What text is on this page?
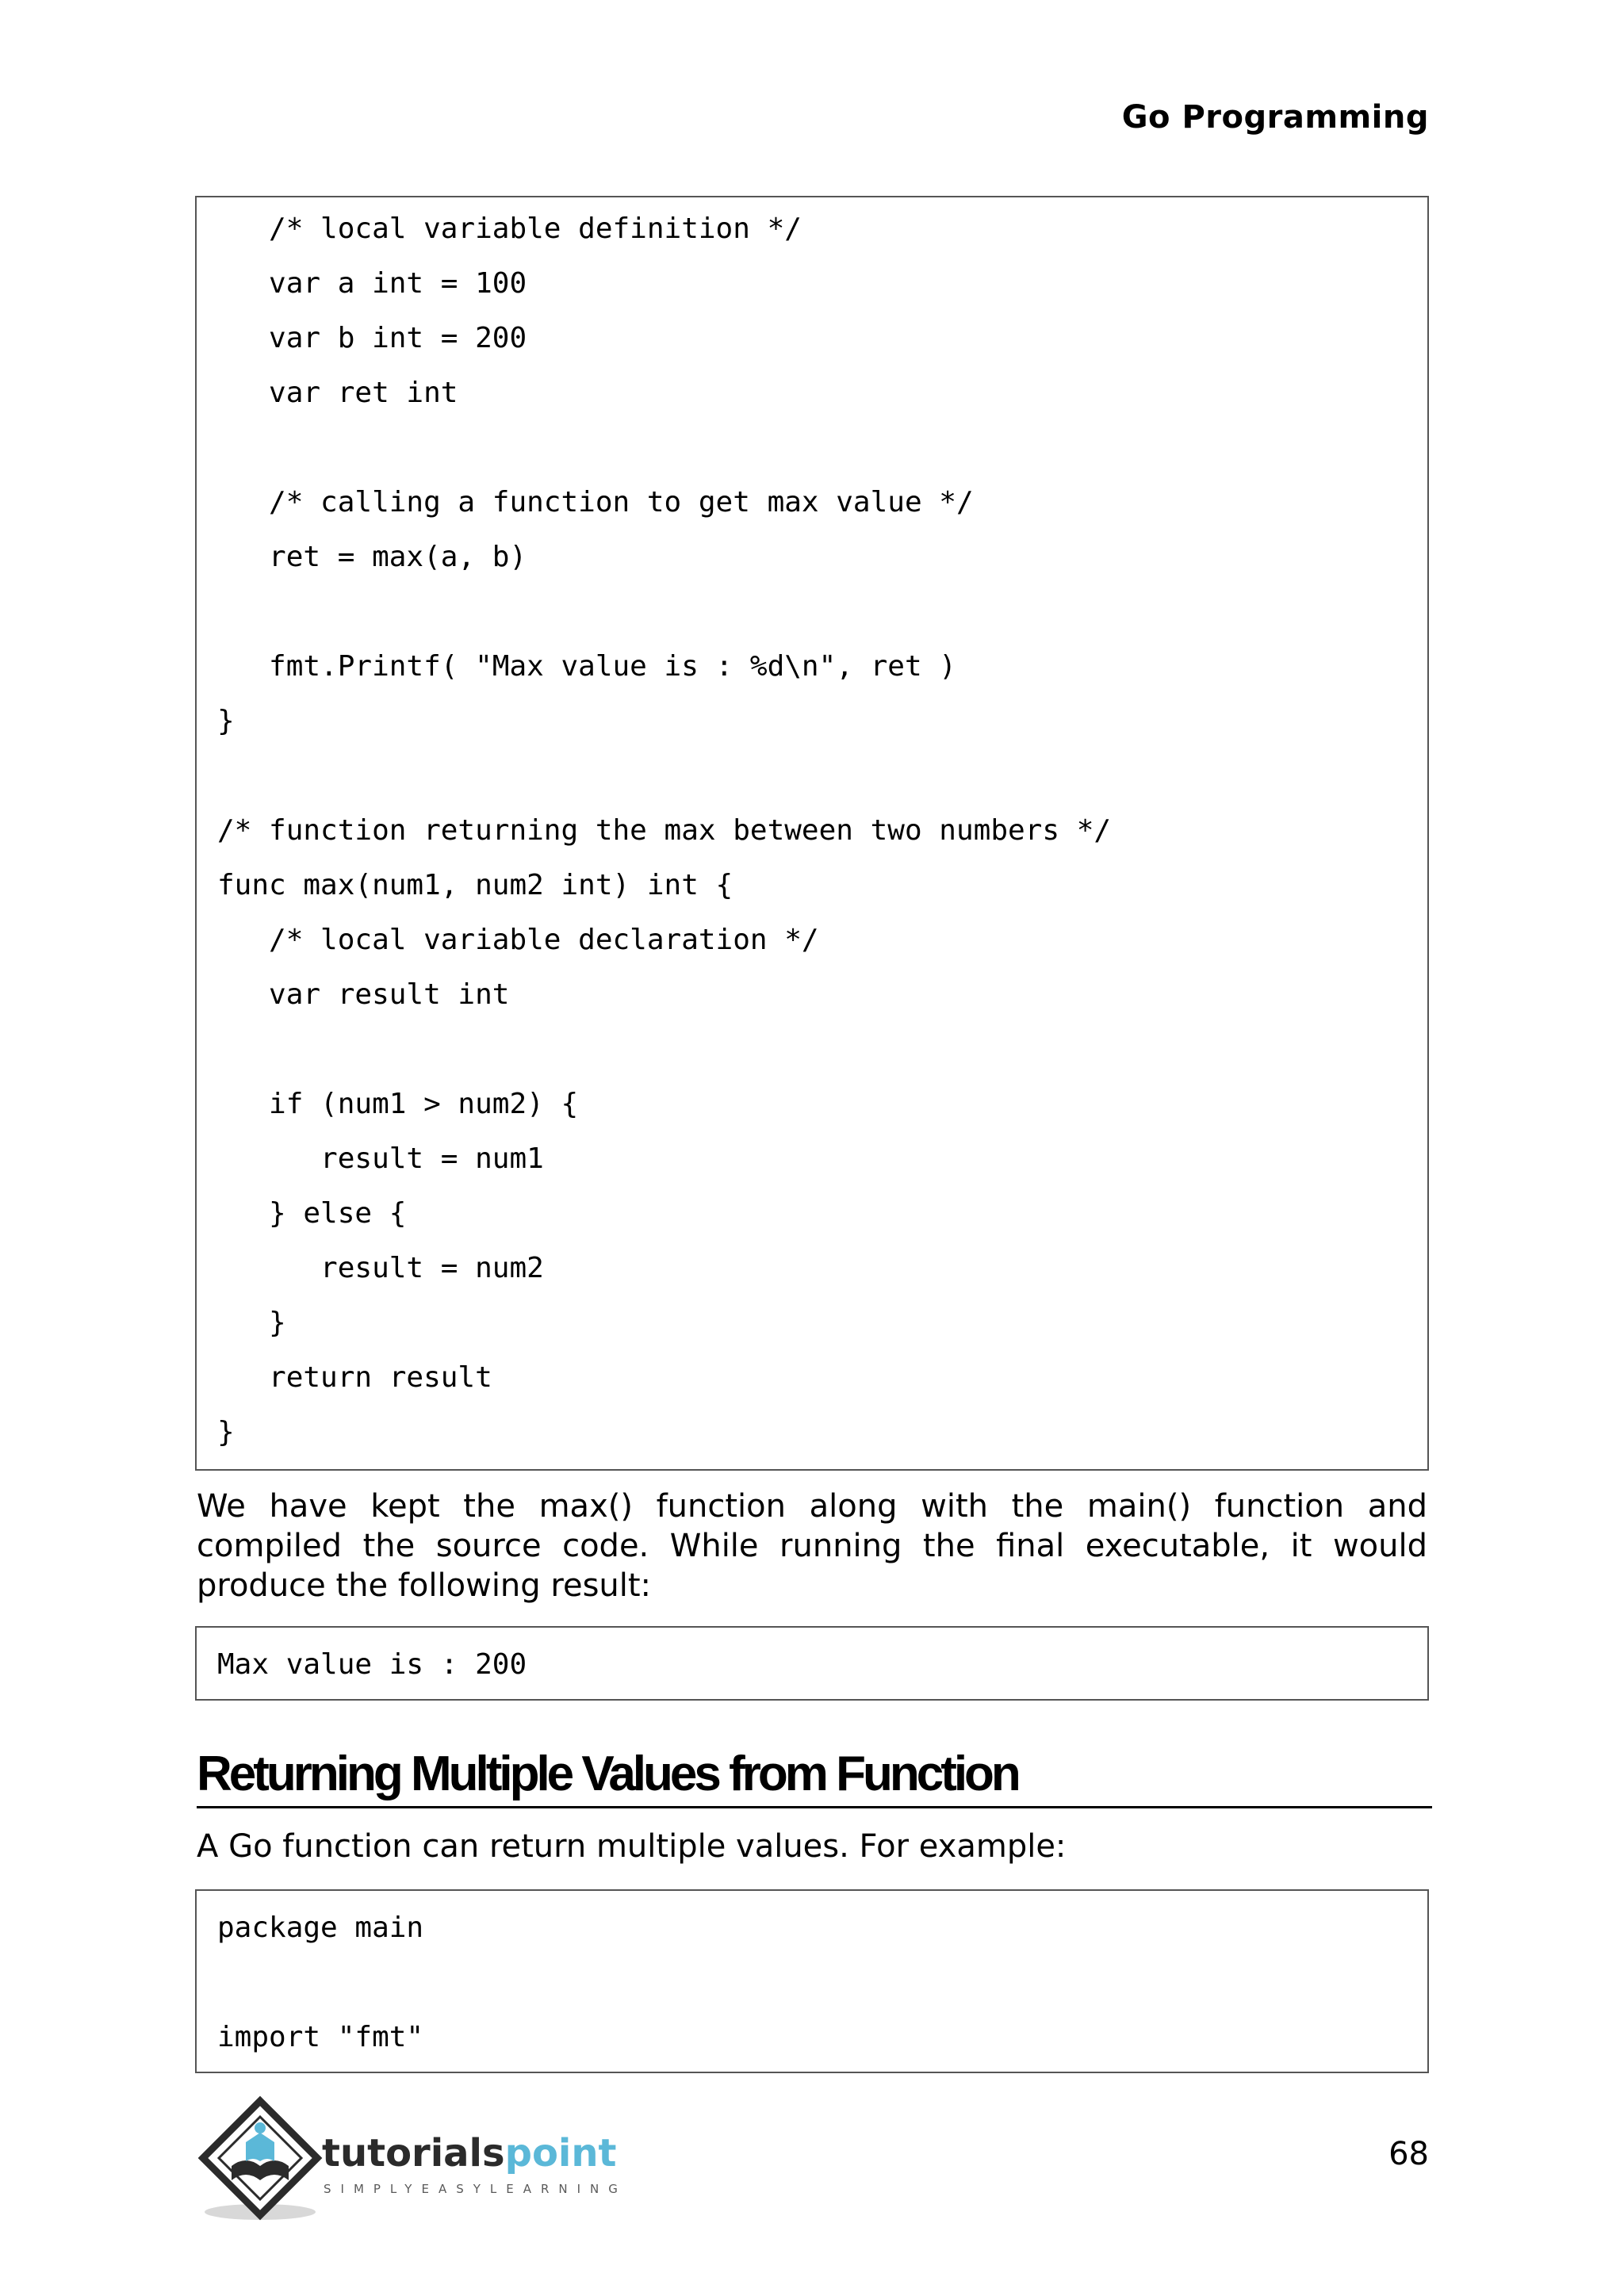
Go Programming
/* local variable definition */
var a int = 100
var b int = 200
var ret int
/* calling a function to get max value */
ret = max(a, b)
fmt.Printf( "Max value is : %d\n", ret )
}
/* function returning the max between two numbers */
func max(num1, num2 int) int {
/* local variable declaration */
var result int
if (num1 > num2) {
result = num1
} else {
result = num2
}
return result
}
We have kept the max() function along with the main() function and compiled the source code. While running the final executable, it would produce the following result:
Max value is : 200
Returning Multiple Values from Function
A Go function can return multiple values. For example:
package main
import "fmt"
tutorialspoint
SIMPLYEASYLEARNING
68
